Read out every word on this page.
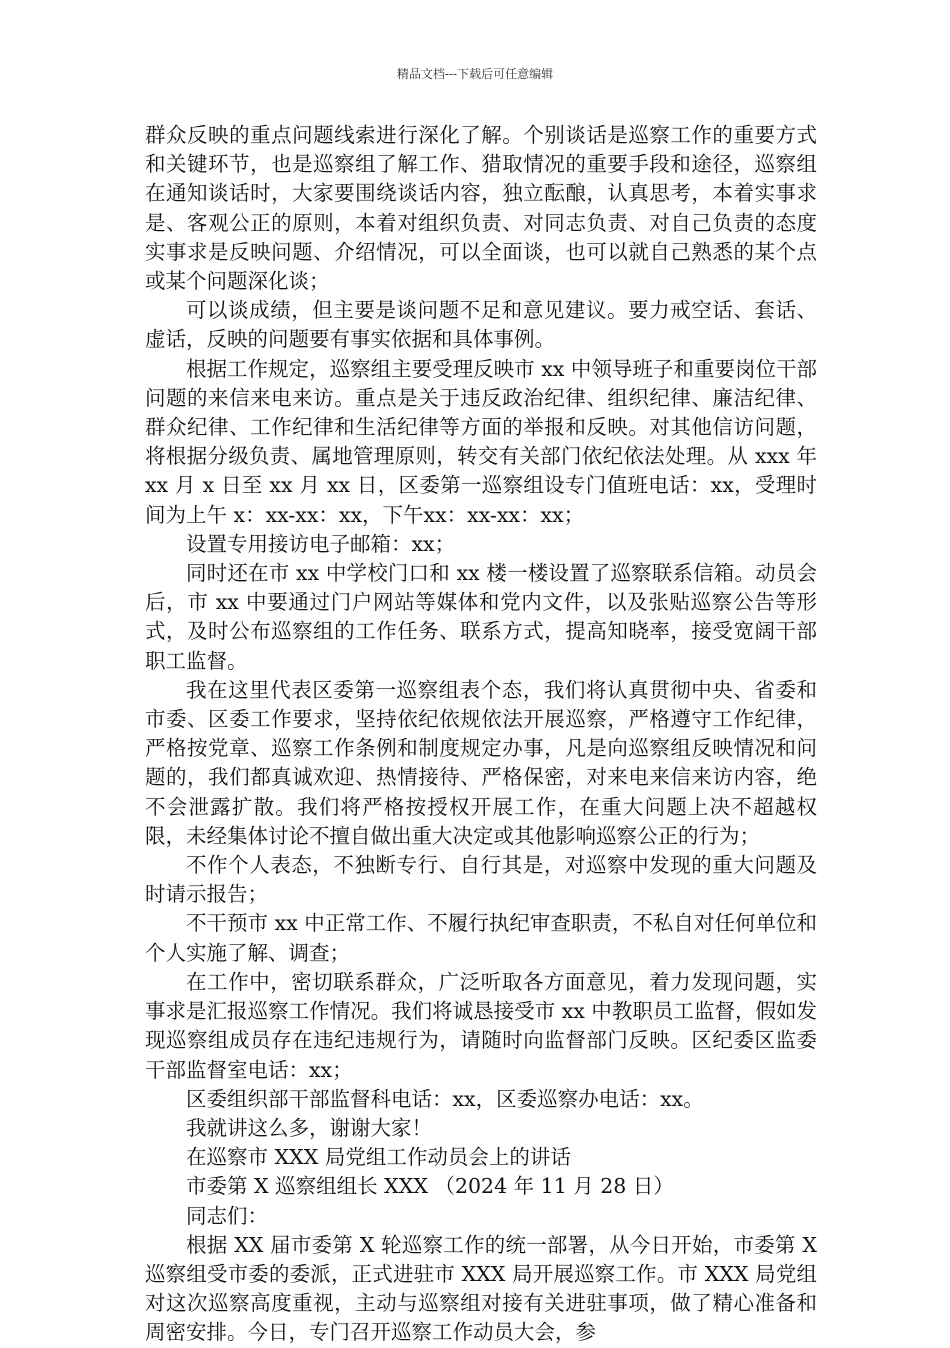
精品文档---下载后可任意编辑

群众反映的重点问题线索进行深化了解。个别谈话是巡察工作的重要方式和关键环节，也是巡察组了解工作、猎取情况的重要手段和途径，巡察组在通知谈话时，大家要围绕谈话内容，独立酝酿，认真思考，本着实事求是、客观公正的原则，本着对组织负责、对同志负责、对自己负责的态度实事求是反映问题、介绍情况，可以全面谈，也可以就自己熟悉的某个点或某个问题深化谈；

可以谈成绩，但主要是谈问题不足和意见建议。要力戒空话、套话、虚话，反映的问题要有事实依据和具体事例。

根据工作规定，巡察组主要受理反映市 xx 中领导班子和重要岗位干部问题的来信来电来访。重点是关于违反政治纪律、组织纪律、廉洁纪律、群众纪律、工作纪律和生活纪律等方面的举报和反映。对其他信访问题，将根据分级负责、属地管理原则，转交有关部门依纪依法处理。从 xxx 年 xx 月 x 日至 xx 月 xx 日，区委第一巡察组设专门值班电话：xx，受理时间为上午 x：xx-xx：xx，下午xx：xx-xx：xx；

设置专用接访电子邮箱：xx；

同时还在市 xx 中学校门口和 xx 楼一楼设置了巡察联系信箱。动员会后，市 xx 中要通过门户网站等媒体和党内文件，以及张贴巡察公告等形式，及时公布巡察组的工作任务、联系方式，提高知晓率，接受宽阔干部职工监督。

我在这里代表区委第一巡察组表个态，我们将认真贯彻中央、省委和市委、区委工作要求，坚持依纪依规依法开展巡察，严格遵守工作纪律，严格按党章、巡察工作条例和制度规定办事，凡是向巡察组反映情况和问题的，我们都真诚欢迎、热情接待、严格保密，对来电来信来访内容，绝不会泄露扩散。我们将严格按授权开展工作，在重大问题上决不超越权限，未经集体讨论不擅自做出重大决定或其他影响巡察公正的行为；

不作个人表态，不独断专行、自行其是，对巡察中发现的重大问题及时请示报告；

不干预市 xx 中正常工作、不履行执纪审查职责，不私自对任何单位和个人实施了解、调查；

在工作中，密切联系群众，广泛听取各方面意见，着力发现问题，实事求是汇报巡察工作情况。我们将诚恳接受市 xx 中教职员工监督，假如发现巡察组成员存在违纪违规行为，请随时向监督部门反映。区纪委区监委干部监督室电话：xx；

区委组织部干部监督科电话：xx，区委巡察办电话：xx。

我就讲这么多，谢谢大家！

在巡察市 XXX 局党组工作动员会上的讲话

市委第 X 巡察组组长 XXX （2024 年 11 月 28 日）

同志们：

根据 XX 届市委第 X 轮巡察工作的统一部署，从今日开始，市委第 X 巡察组受市委的委派，正式进驻市 XXX 局开展巡察工作。市 XXX 局党组对这次巡察高度重视，主动与巡察组对接有关进驻事项，做了精心准备和周密安排。今日，专门召开巡察工作动员大会，参
